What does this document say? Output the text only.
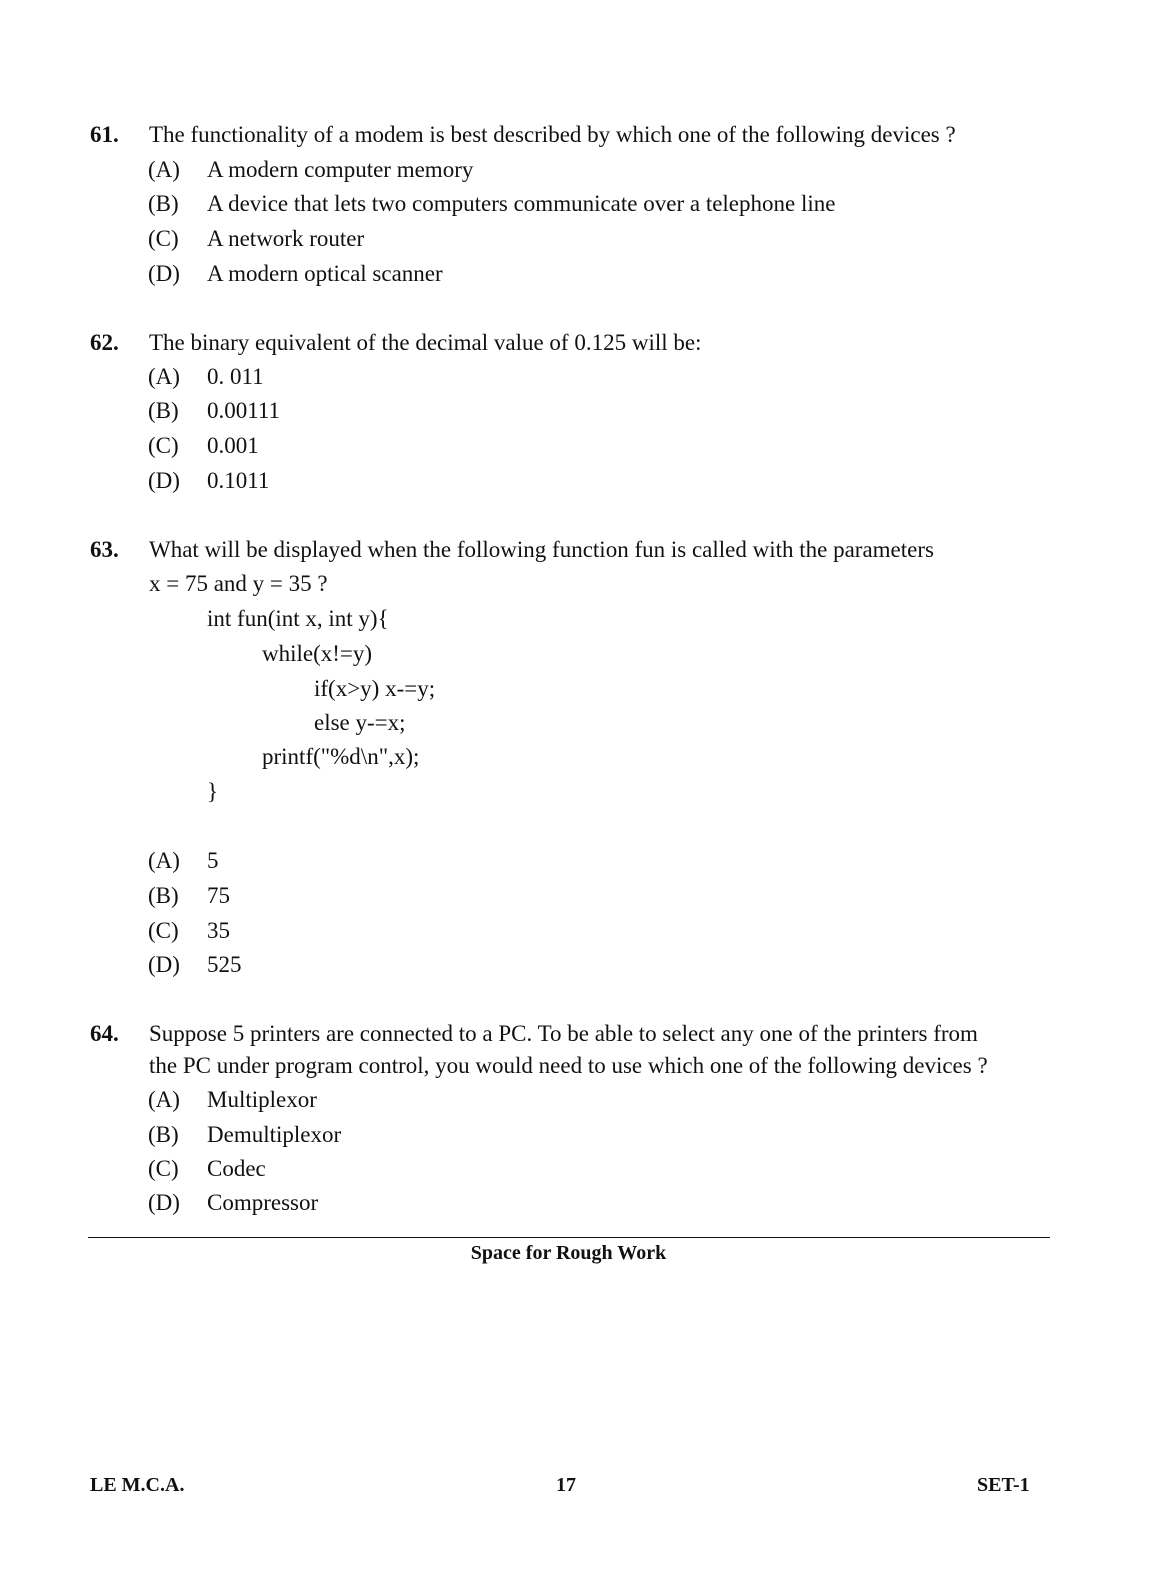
61. The functionality of a modem is best described by which one of the following devices ?
(A) A modern computer memory
(B) A device that lets two computers communicate over a telephone line
(C) A network router
(D) A modern optical scanner
62. The binary equivalent of the decimal value of 0.125 will be:
(A) 0. 011
(B) 0.00111
(C) 0.001
(D) 0.1011
63. What will be displayed when the following function fun is called with the parameters
x = 75 and y = 35 ?
int fun(int x, int y){
while(x!=y)
if(x>y) x-=y;
else y-=x;
printf("%d\n",x);
}
(A) 5
(B) 75
(C) 35
(D) 525
64. Suppose 5 printers are connected to a PC. To be able to select any one of the printers from
the PC under program control, you would need to use which one of the following devices ?
(A) Multiplexor
(B) Demultiplexor
(C) Codec
(D) Compressor
Space for Rough Work
LE M.C.A.	17	SET-1
